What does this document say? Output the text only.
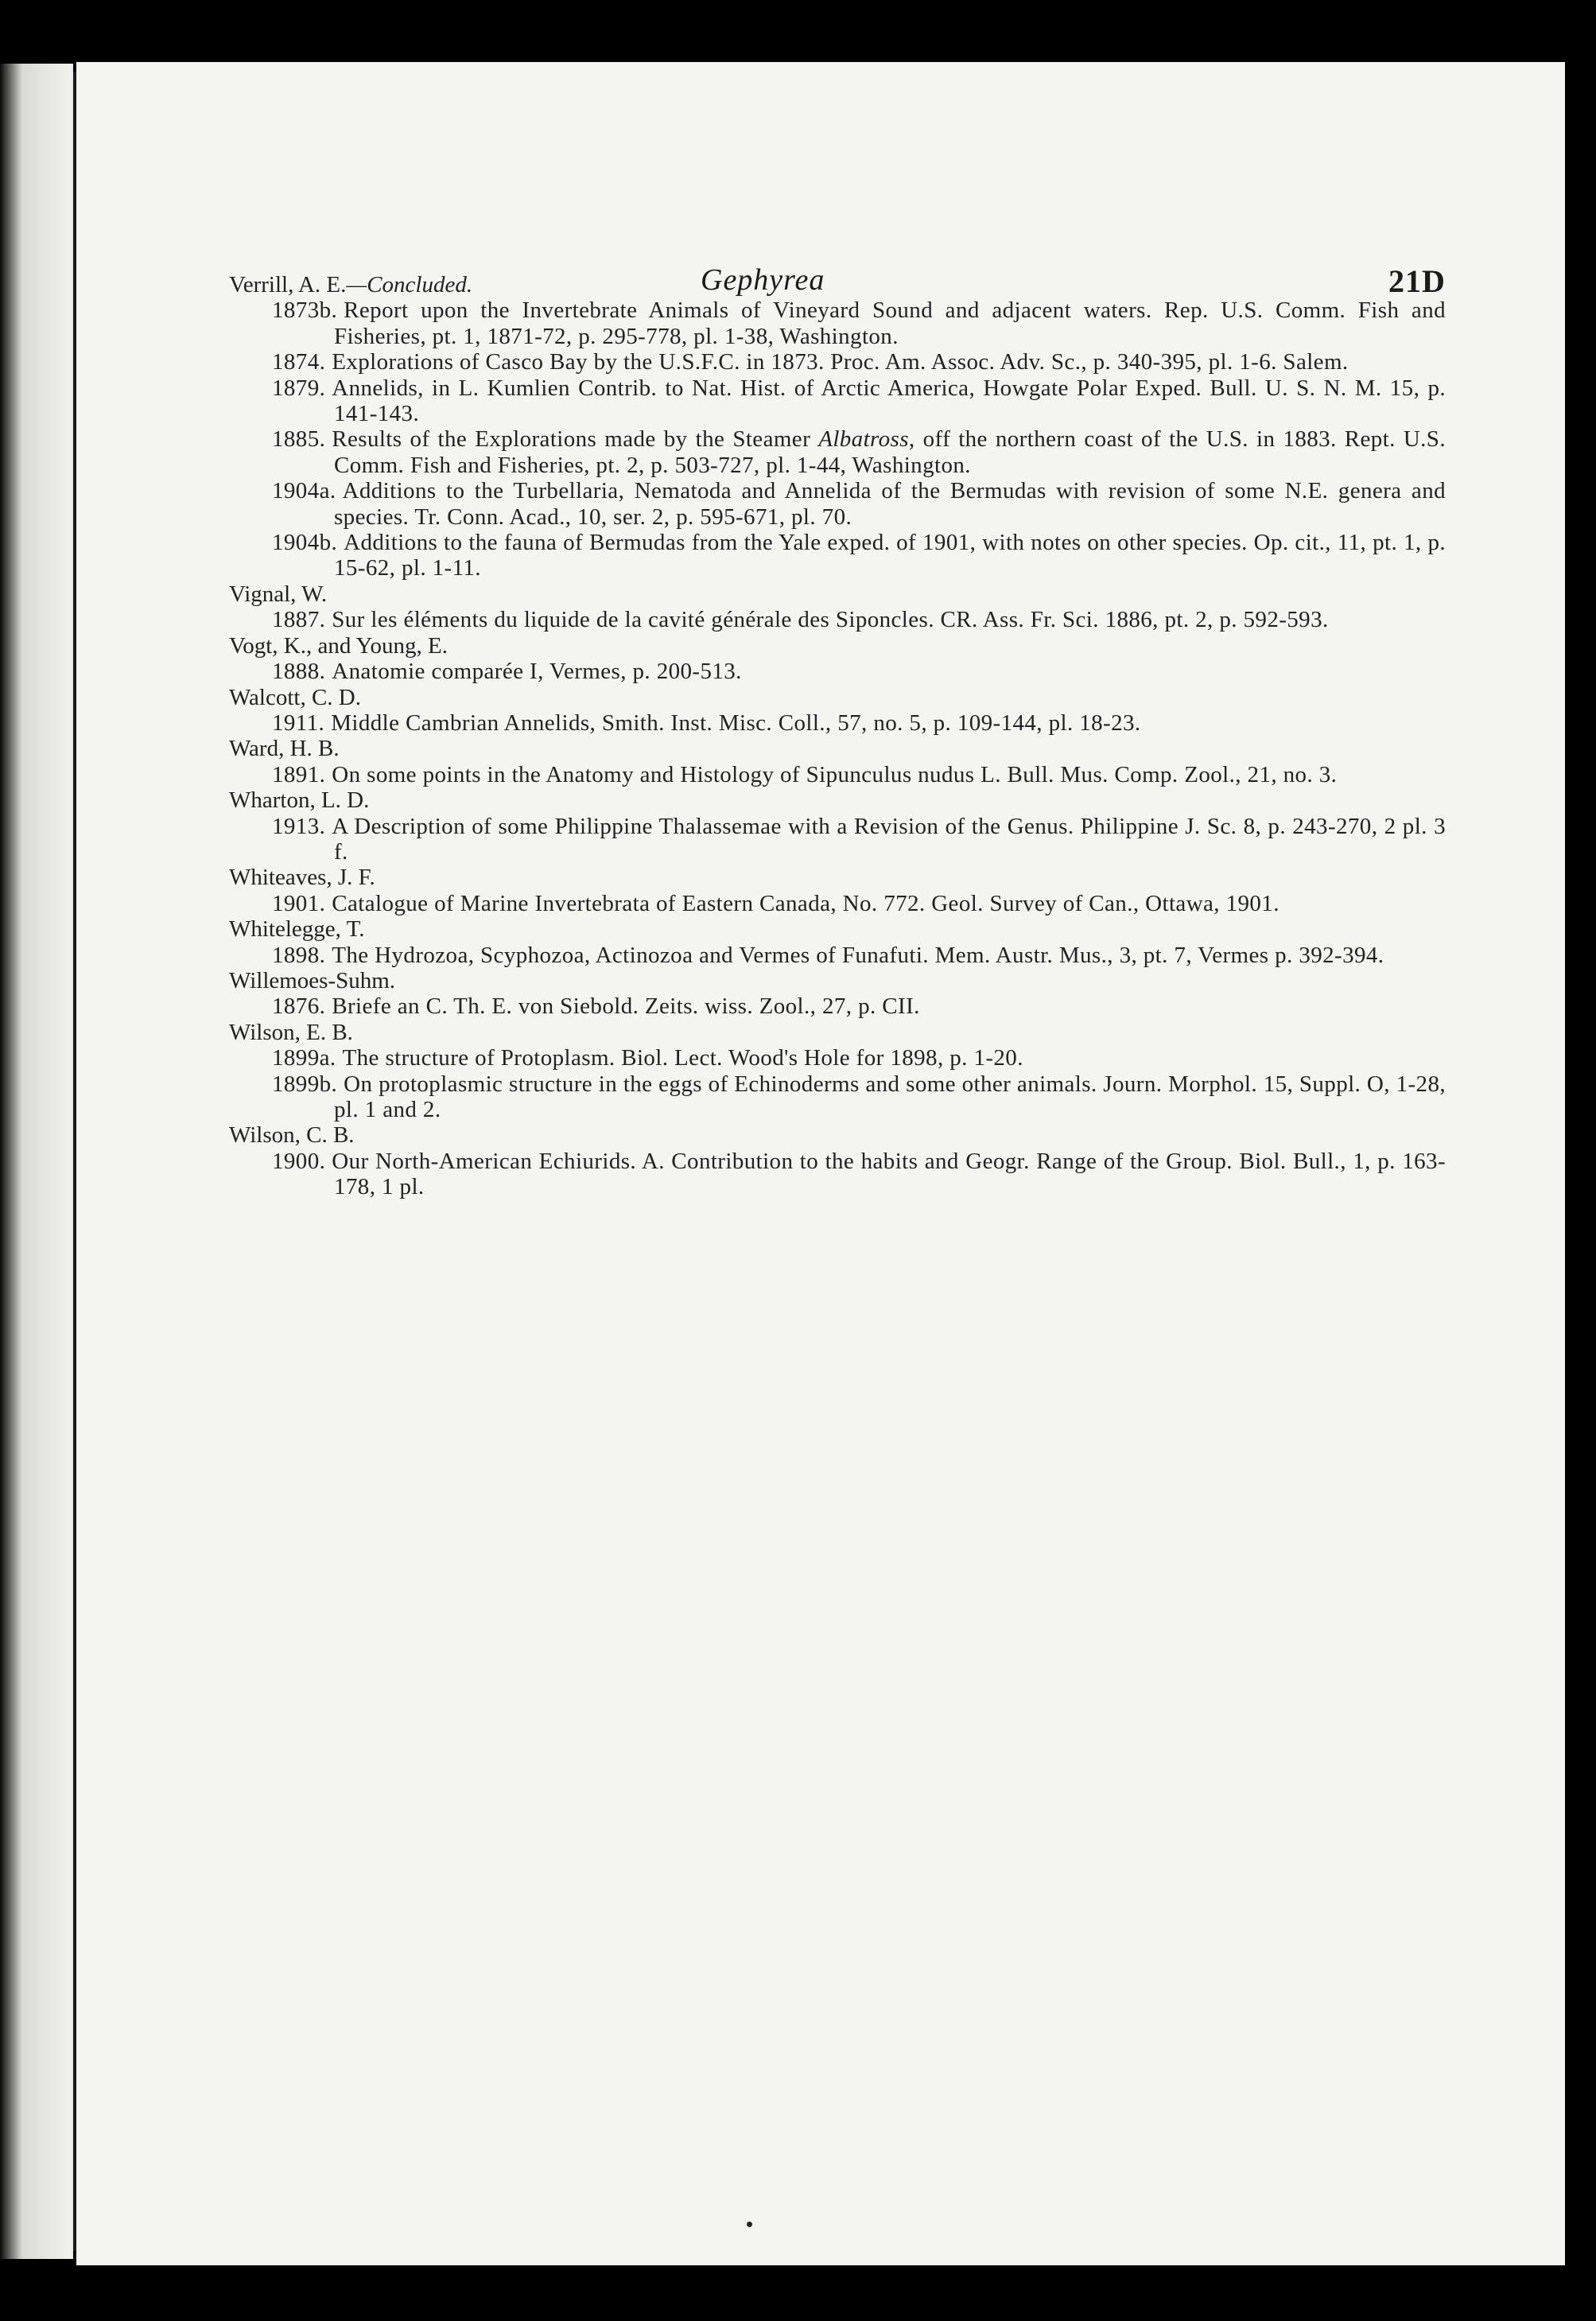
Gephyrea	21D

Verrill, A. E.—Concluded.

1873b. Report upon the Invertebrate Animals of Vineyard Sound and adjacent waters. Rep. U.S. Comm. Fish and Fisheries, pt. 1, 1871-72, p. 295-778, pl. 1-38, Washington.

1874. Explorations of Casco Bay by the U.S.F.C. in 1873. Proc. Am. Assoc. Adv. Sc., p. 340-395, pl. 1-6. Salem.

1879. Annelids, in L. Kumlien Contrib. to Nat. Hist. of Arctic America, Howgate Polar Exped. Bull. U. S. N. M. 15, p. 141-143.

1885. Results of the Explorations made by the Steamer Albatross, off the northern coast of the U.S. in 1883. Rept. U.S. Comm. Fish and Fisheries, pt. 2, p. 503-727, pl. 1-44, Washington.

1904a. Additions to the Turbellaria, Nematoda and Annelida of the Bermudas with revision of some N.E. genera and species. Tr. Conn. Acad., 10, ser. 2, p. 595-671, pl. 70.

1904b. Additions to the fauna of Bermudas from the Yale exped. of 1901, with notes on other species. Op. cit., 11, pt. 1, p. 15-62, pl. 1-11.

Vignal, W.

1887. Sur les éléments du liquide de la cavité générale des Siponcles. CR. Ass. Fr. Sci. 1886, pt. 2, p. 592-593.

Vogt, K., and Young, E.

1888. Anatomie comparée I, Vermes, p. 200-513.

Walcott, C. D.

1911. Middle Cambrian Annelids, Smith. Inst. Misc. Coll., 57, no. 5, p. 109-144, pl. 18-23.

Ward, H. B.

1891. On some points in the Anatomy and Histology of Sipunculus nudus L. Bull. Mus. Comp. Zool., 21, no. 3.

Wharton, L. D.

1913. A Description of some Philippine Thalassemae with a Revision of the Genus. Philippine J. Sc. 8, p. 243-270, 2 pl. 3 f.

Whiteaves, J. F.

1901. Catalogue of Marine Invertebrata of Eastern Canada, No. 772. Geol. Survey of Can., Ottawa, 1901.

Whitelegge, T.

1898. The Hydrozoa, Scyphozoa, Actinozoa and Vermes of Funafuti. Mem. Austr. Mus., 3, pt. 7, Vermes p. 392-394.

Willemoes-Suhm.

1876. Briefe an C. Th. E. von Siebold. Zeits. wiss. Zool., 27, p. CII.

Wilson, E. B.

1899a. The structure of Protoplasm. Biol. Lect. Wood's Hole for 1898, p. 1-20.

1899b. On protoplasmic structure in the eggs of Echinoderms and some other animals. Journ. Morphol. 15, Suppl. O, 1-28, pl. 1 and 2.

Wilson, C. B.

1900. Our North-American Echiurids. A. Contribution to the habits and Geogr. Range of the Group. Biol. Bull., 1, p. 163-178, 1 pl.
